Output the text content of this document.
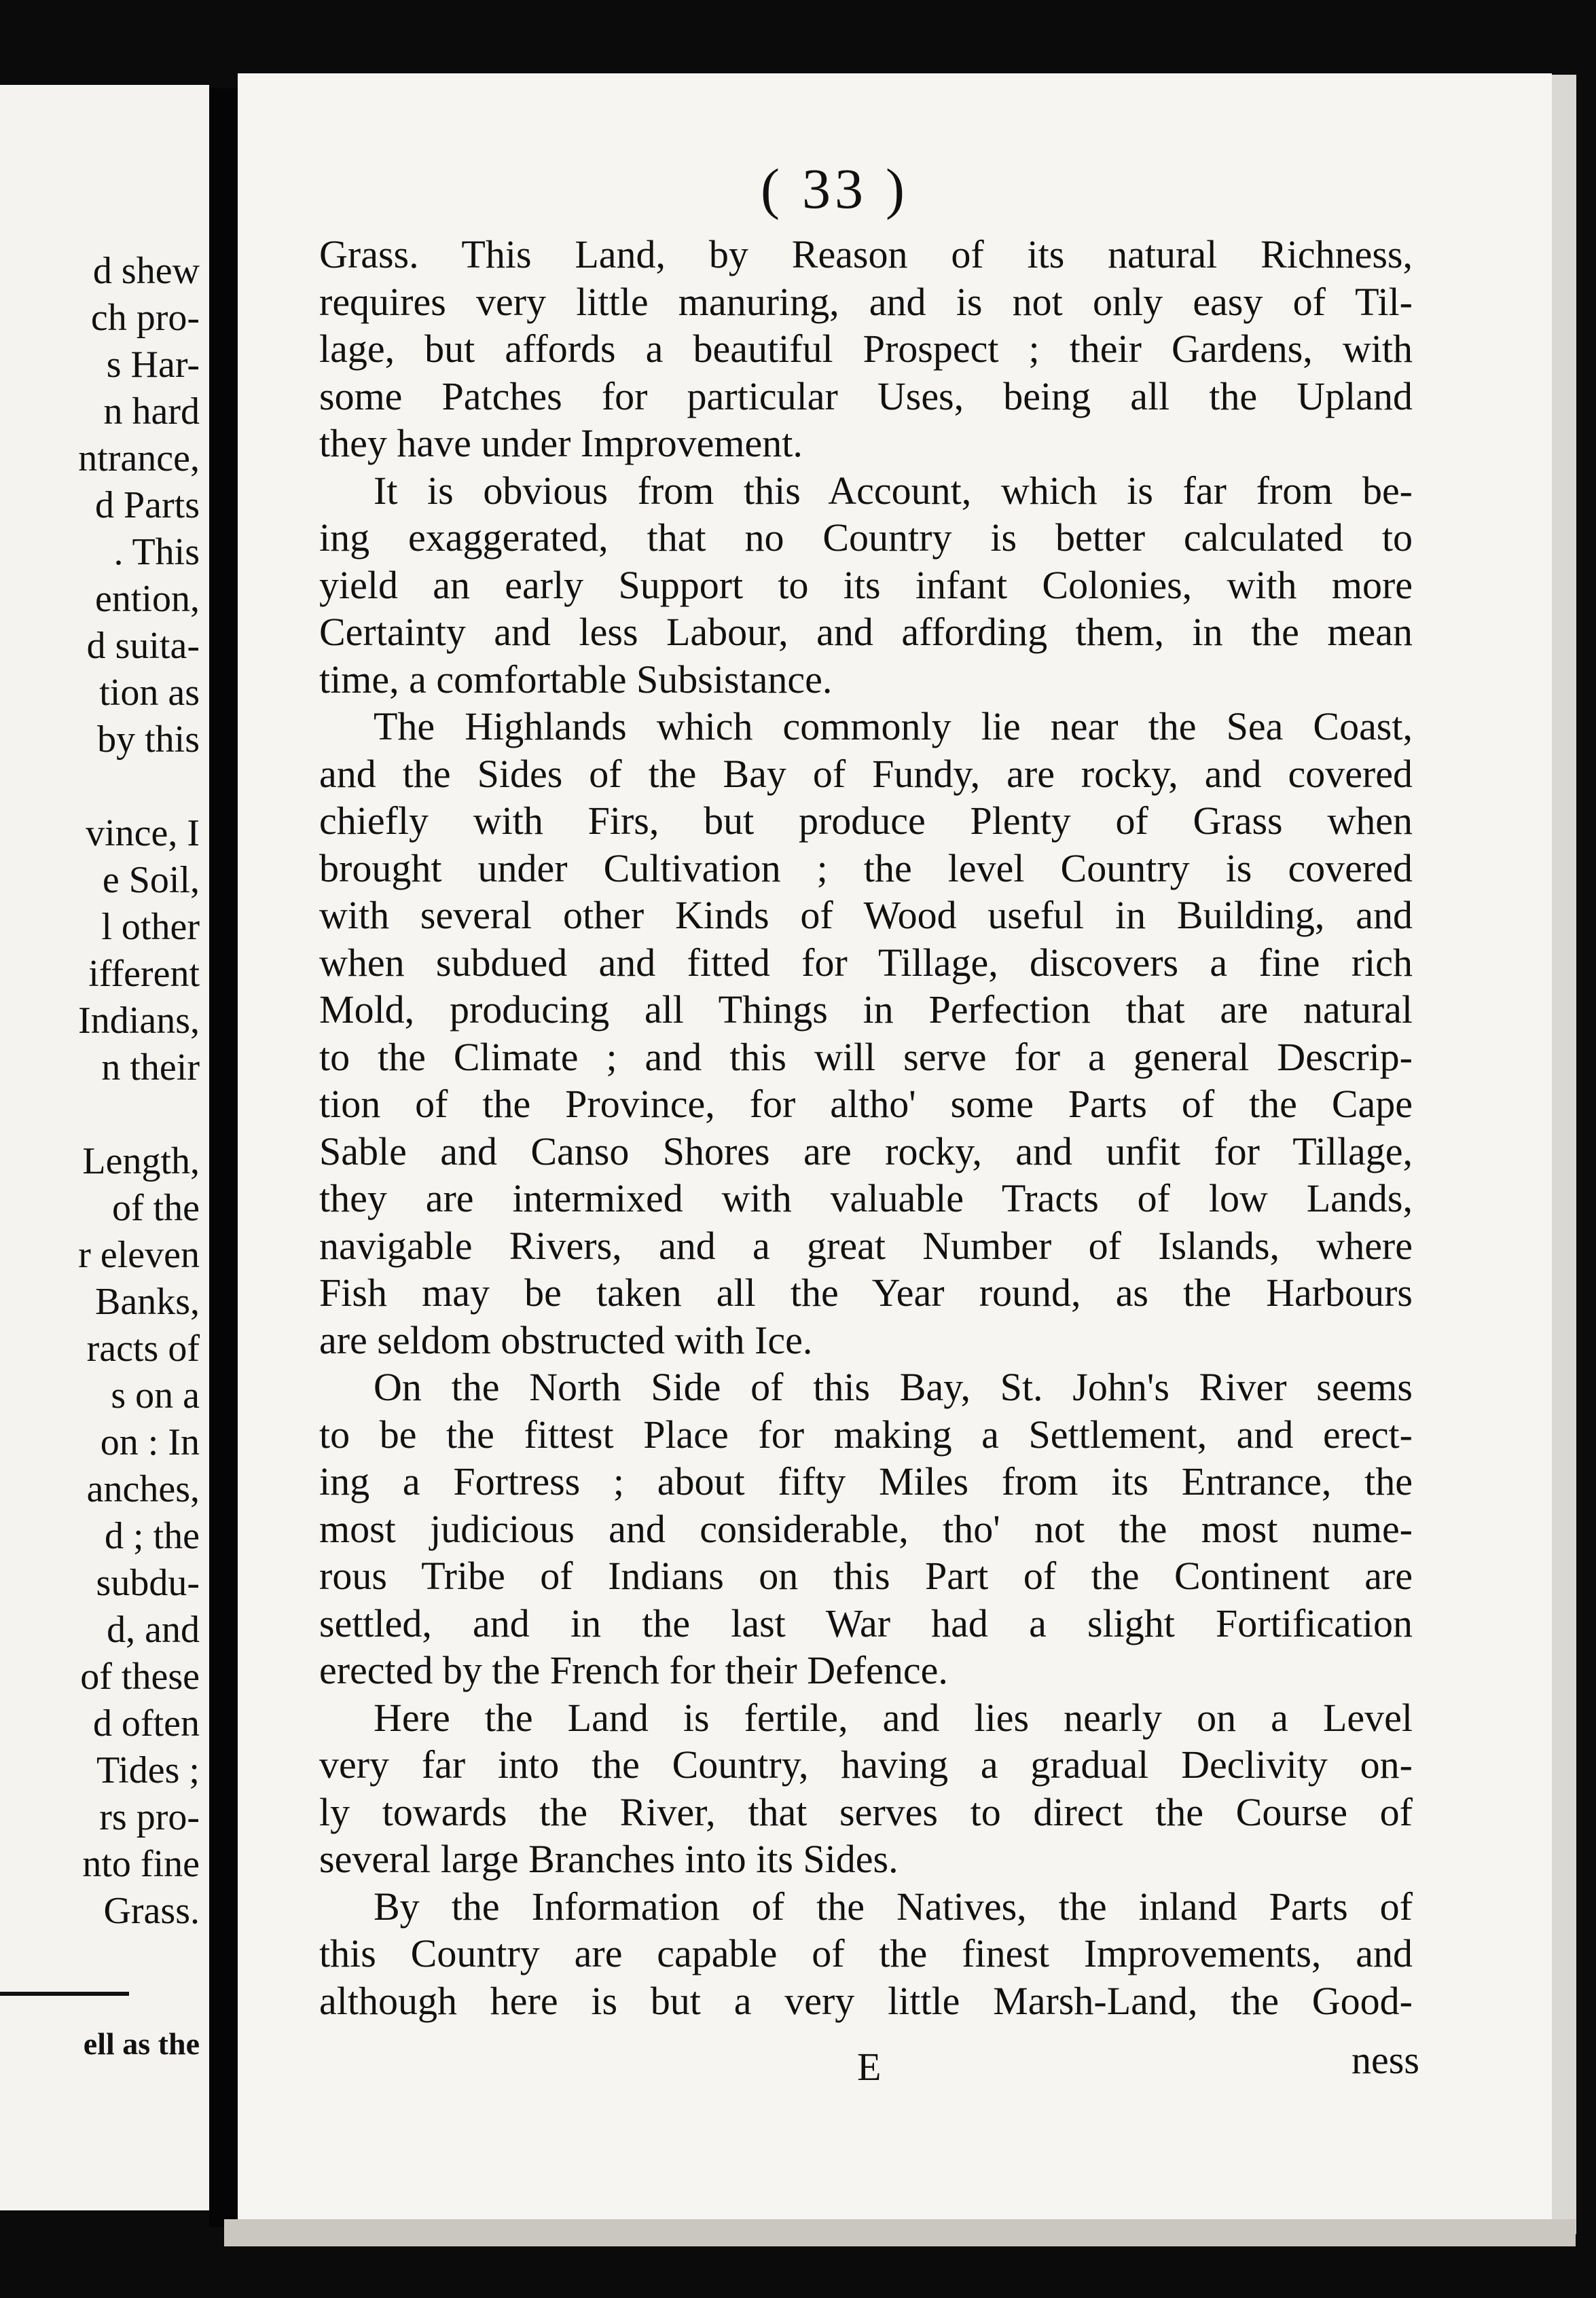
d shew
ch pro-
s Har-
n hard
ntrance,
d Parts
. This
ention,
d suita-
tion as
by this
vince, I
e Soil,
l other
ifferent
Indians,
n their
Length,
of the
r eleven
Banks,
racts of
s on a
on : In
anches,
d ; the
subdu-
d, and
of these
d often
Tides ;
rs pro-
nto fine
Grass.
ell as the
( 33 )
Grass. This Land, by Reason of its natural Richness,
requires very little manuring, and is not only easy of Til-
lage, but affords a beautiful Prospect ; their Gardens, with
some Patches for particular Uses, being all the Upland
they have under Improvement.
It is obvious from this Account, which is far from be-
ing exaggerated, that no Country is better calculated to
yield an early Support to its infant Colonies, with more
Certainty and less Labour, and affording them, in the mean
time, a comfortable Subsistance.
The Highlands which commonly lie near the Sea Coast,
and the Sides of the Bay of Fundy, are rocky, and covered
chiefly with Firs, but produce Plenty of Grass when
brought under Cultivation ; the level Country is covered
with several other Kinds of Wood useful in Building, and
when subdued and fitted for Tillage, discovers a fine rich
Mold, producing all Things in Perfection that are natural
to the Climate ; and this will serve for a general Descrip-
tion of the Province, for altho' some Parts of the Cape
Sable and Canso Shores are rocky, and unfit for Tillage,
they are intermixed with valuable Tracts of low Lands,
navigable Rivers, and a great Number of Islands, where
Fish may be taken all the Year round, as the Harbours
are seldom obstructed with Ice.
On the North Side of this Bay, St. John's River seems
to be the fittest Place for making a Settlement, and erect-
ing a Fortress ; about fifty Miles from its Entrance, the
most judicious and considerable, tho' not the most nume-
rous Tribe of Indians on this Part of the Continent are
settled, and in the last War had a slight Fortification
erected by the French for their Defence.
Here the Land is fertile, and lies nearly on a Level
very far into the Country, having a gradual Declivity on-
ly towards the River, that serves to direct the Course of
several large Branches into its Sides.
By the Information of the Natives, the inland Parts of
this Country are capable of the finest Improvements, and
although here is but a very little Marsh-Land, the Good-
E	ness
